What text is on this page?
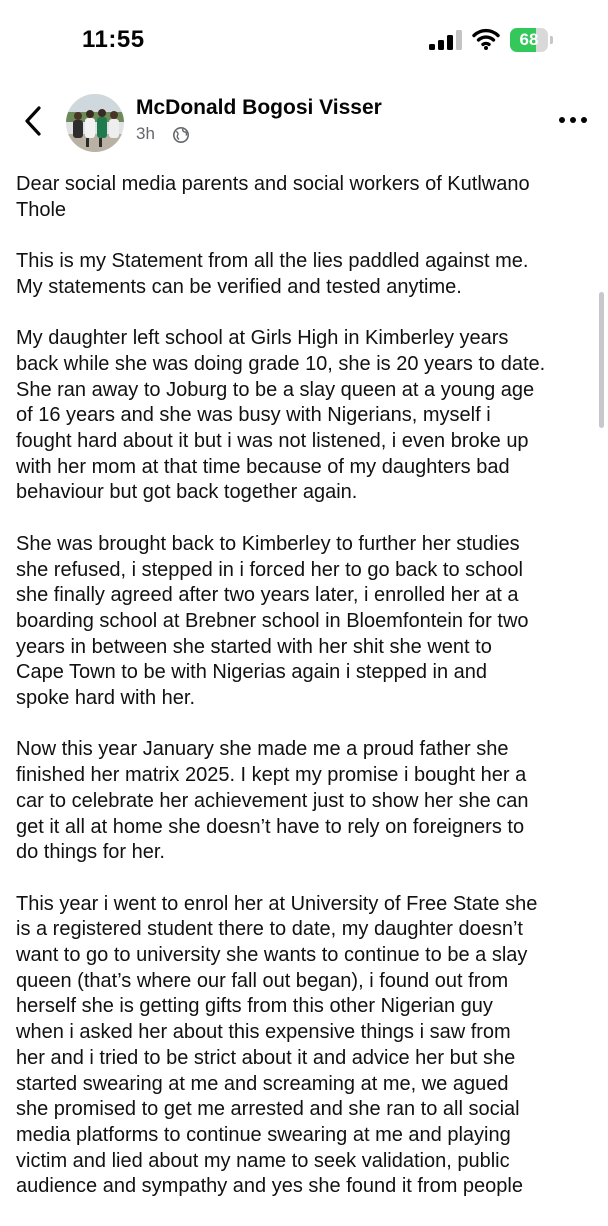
11:55	68
McDonald Bogosi Visser
3h

Dear social media parents and social workers of Kutlwano
Thole

This is my Statement from all the lies paddled against me.
My statements can be verified and tested anytime.

My daughter left school at Girls High in Kimberley years
back while she was doing grade 10, she is 20 years to date.
She ran away to Joburg to be a slay queen at a young age
of 16 years and she was busy with Nigerians, myself i
fought hard about it but i was not listened, i even broke up
with her mom at that time because of my daughters bad
behaviour but got back together again.

She was brought back to Kimberley to further her studies
she refused, i stepped in i forced her to go back to school
she finally agreed after two years later, i enrolled her at a
boarding school at Brebner school in Bloemfontein for two
years in between she started with her shit she went to
Cape Town to be with Nigerias again i stepped in and
spoke hard with her.

Now this year January she made me a proud father she
finished her matrix 2025. I kept my promise i bought her a
car to celebrate her achievement just to show her she can
get it all at home she doesn’t have to rely on foreigners to
do things for her.

This year i went to enrol her at University of Free State she
is a registered student there to date, my daughter doesn’t
want to go to university she wants to continue to be a slay
queen (that’s where our fall out began), i found out from
herself she is getting gifts from this other Nigerian guy
when i asked her about this expensive things i saw from
her and i tried to be strict about it and advice her but she
started swearing at me and screaming at me, we agued
she promised to get me arrested and she ran to all social
media platforms to continue swearing at me and playing
victim and lied about my name to seek validation, public
audience and sympathy and yes she found it from people
